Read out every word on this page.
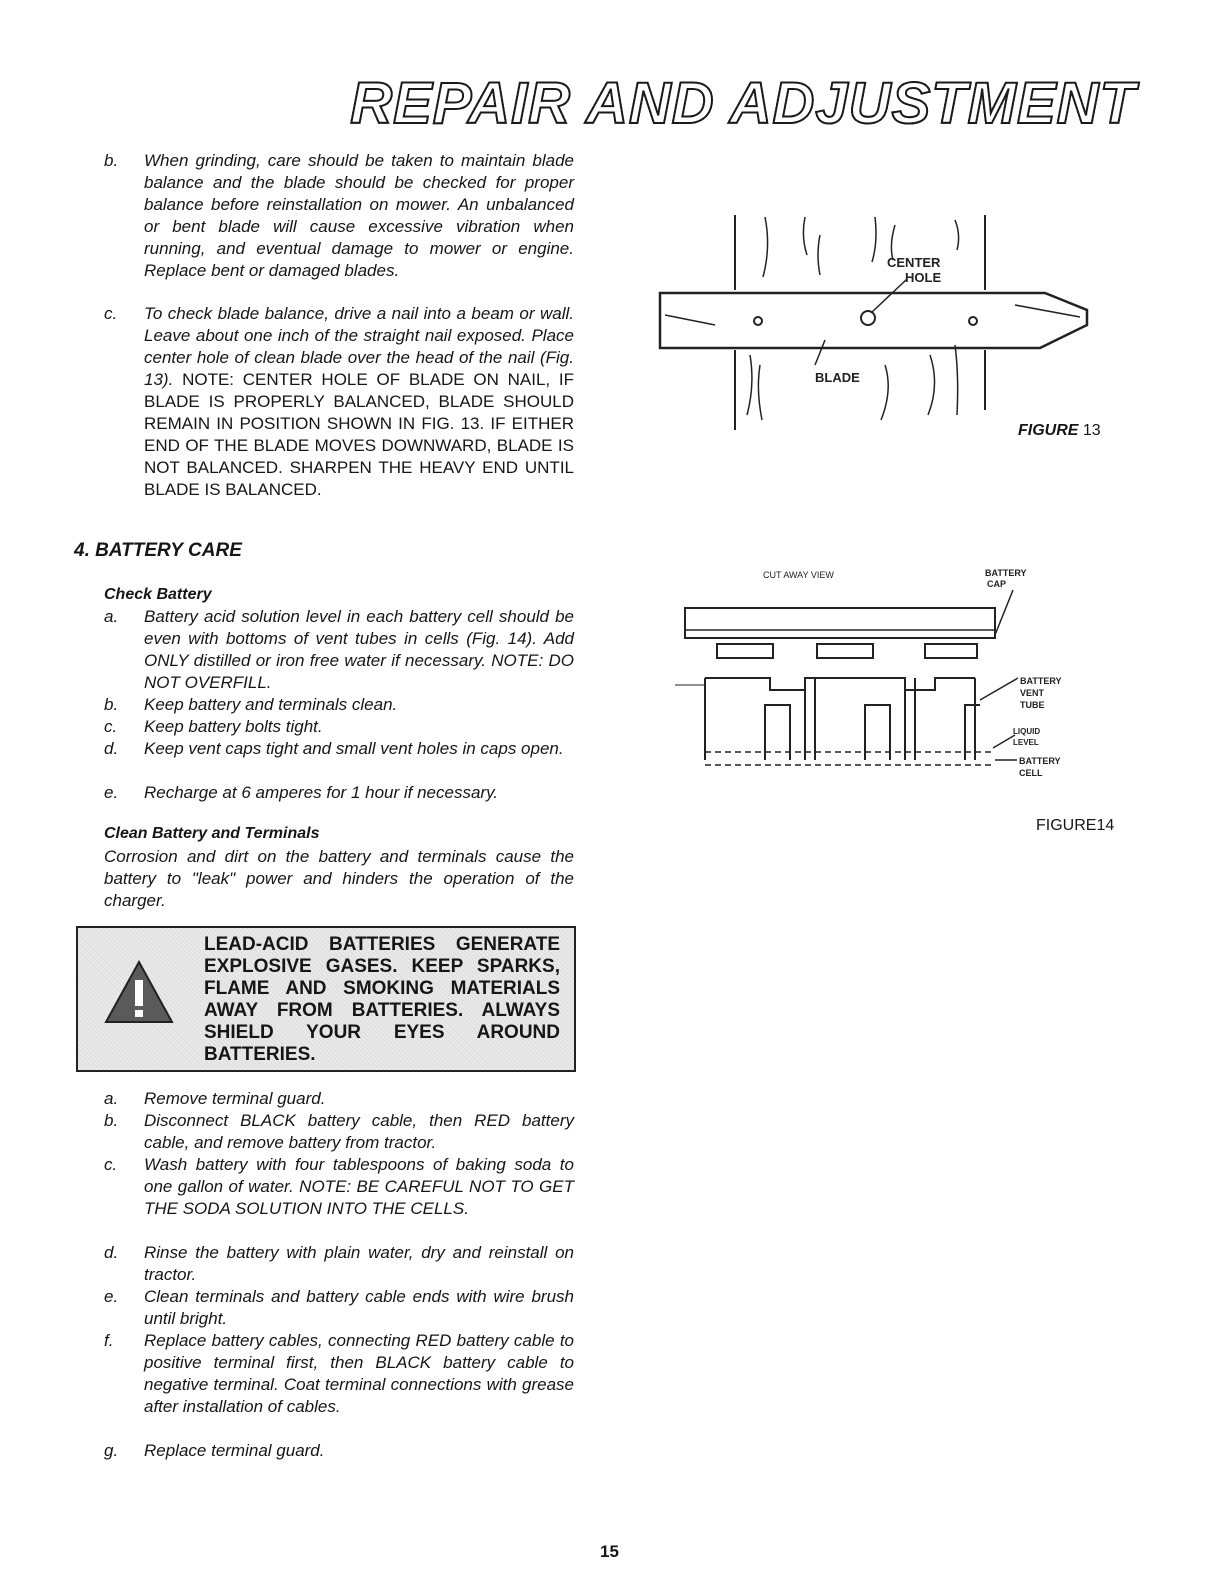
REPAIR AND ADJUSTMENT
b. When grinding, care should be taken to maintain blade balance and the blade should be checked for proper balance before reinstallation on mower. An unbalanced or bent blade will cause excessive vibration when running, and eventual damage to mower or engine. Replace bent or damaged blades.
c. To check blade balance, drive a nail into a beam or wall. Leave about one inch of the straight nail exposed. Place center hole of clean blade over the head of the nail (Fig. 13). NOTE: CENTER HOLE OF BLADE ON NAIL, IF BLADE IS PROPERLY BALANCED, BLADE SHOULD REMAIN IN POSITION SHOWN IN FIG. 13. IF EITHER END OF THE BLADE MOVES DOWNWARD, BLADE IS NOT BALANCED. SHARPEN THE HEAVY END UNTIL BLADE IS BALANCED.
4. BATTERY CARE
Check Battery
a. Battery acid solution level in each battery cell should be even with bottoms of vent tubes in cells (Fig. 14). Add ONLY distilled or iron free water if necessary. NOTE: DO NOT OVERFILL.
b. Keep battery and terminals clean.
c. Keep battery bolts tight.
d. Keep vent caps tight and small vent holes in caps open.
e. Recharge at 6 amperes for 1 hour if necessary.
Clean Battery and Terminals
Corrosion and dirt on the battery and terminals cause the battery to "leak" power and hinders the operation of the charger.
LEAD-ACID BATTERIES GENERATE EXPLOSIVE GASES. KEEP SPARKS, FLAME AND SMOKING MATERIALS AWAY FROM BATTERIES. ALWAYS SHIELD YOUR EYES AROUND BATTERIES.
a. Remove terminal guard.
b. Disconnect BLACK battery cable, then RED battery cable, and remove battery from tractor.
c. Wash battery with four tablespoons of baking soda to one gallon of water. NOTE: BE CAREFUL NOT TO GET THE SODA SOLUTION INTO THE CELLS.
d. Rinse the battery with plain water, dry and reinstall on tractor.
e. Clean terminals and battery cable ends with wire brush until bright.
f. Replace battery cables, connecting RED battery cable to positive terminal first, then BLACK battery cable to negative terminal. Coat terminal connections with grease after installation of cables.
g. Replace terminal guard.
CENTER
HOLE
BLADE
FIGURE 13
CUT AWAY VIEW	BATTERY
CAP
BATTERY
VENT
TUBE
LIQUID
LEVEL
BATTERY
CELL
FIGURE14
15
